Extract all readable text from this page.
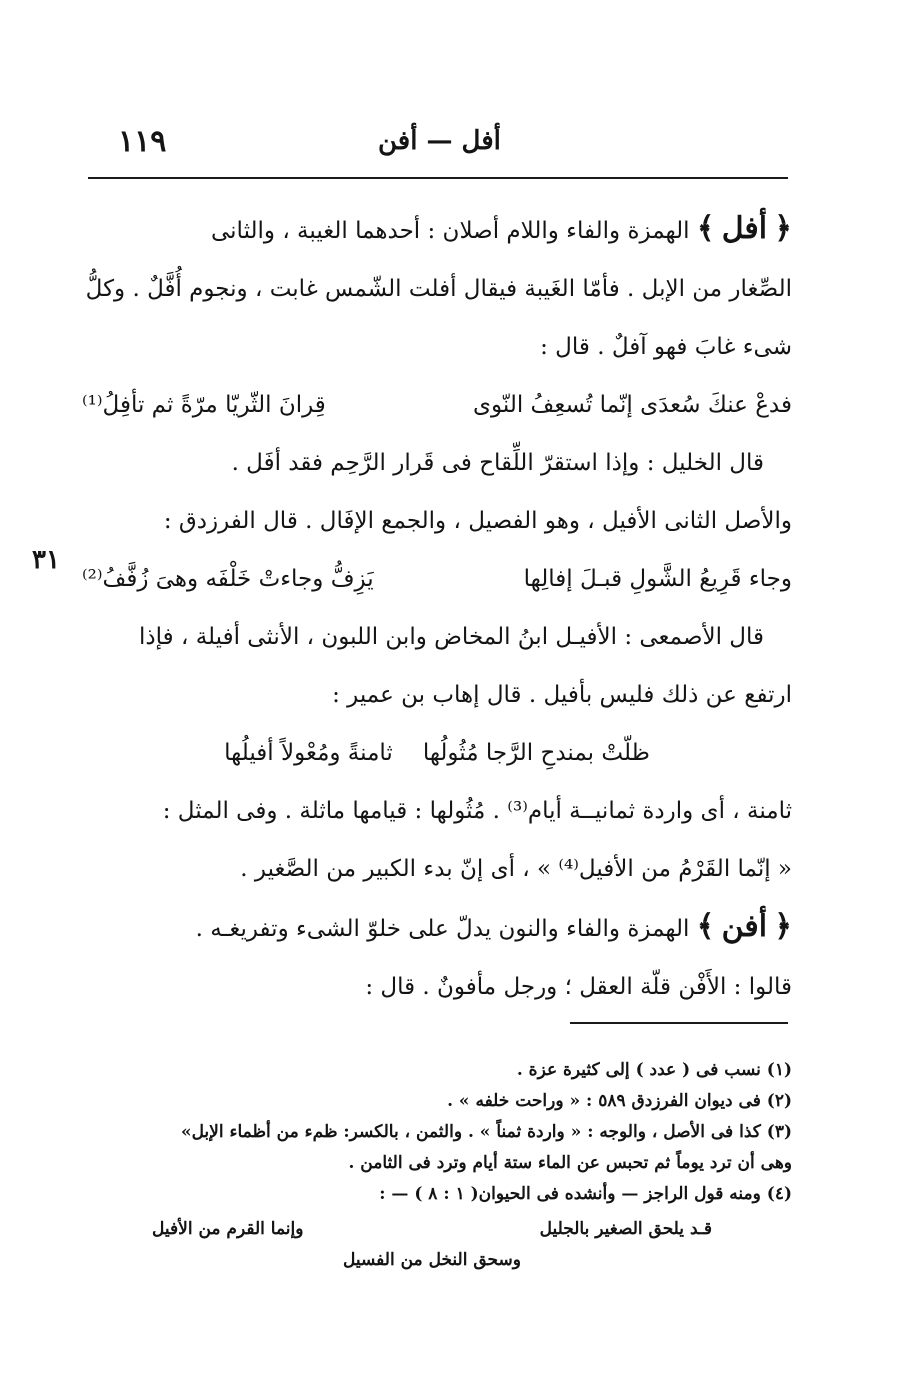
١١٩	أفل — أفن
٣١
﴿ أفل ﴾ الهمزة والفاء واللام أصلان : أحدهما الغيبة ، والثانى
الصِّغار من الإبل . فأمّا الغَيبة فيقال أفلت الشّمس غابت ، ونجوم أُفَّلٌ . وكلُّ
شىء غابَ فهو آفلٌ . قال :
فدعْ عنكَ سُعدَى إنّما تُسعِفُ النّوى
قِرانَ الثّريّا مرّةً ثم تأفِلُ⁽¹⁾
قال الخليل : وإذا استقرّ اللِّقاح فى قَرار الرَّحِم فقد أفَل .
والأصل الثانى الأفيل ، وهو الفصيل ، والجمع الإفَال . قال الفرزدق :
وجاء قَرِيعُ الشَّولِ قبـلَ إفالِها
يَزِفُّ وجاءتْ خَلْفَه وهىَ زُفَّفُ⁽²⁾
قال الأصمعى : الأفيـل ابنُ المخاض وابن اللبون ، الأنثى أفيلة ، فإذا
ارتفع عن ذلك فليس بأفيل . قال إهاب بن عمير :
ظلّتْ بمندحِ الرَّجا مُثُولُها
ثامنةً ومُعْولاً أفيلُها
ثامنة ، أى واردة ثمانيــة أيام⁽³⁾ . مُثُولها : قيامها ماثلة . وفى المثل :
« إنّما القَرْمُ من الأفيل⁽⁴⁾ » ، أى إنّ بدء الكبير من الصَّغير .
﴿ أفن ﴾ الهمزة والفاء والنون يدلّ على خلوّ الشىء وتفريغـه .
قالوا : الأَفْن قلّة العقل ؛ ورجل مأفونٌ . قال :
(١) نسب فى ( عدد ) إلى كثيرة عزة .
(٢) فى ديوان الفرزدق ٥٨٩ : « وراحت خلفه » .
(٣) كذا فى الأصل ، والوجه : « واردة ثمناً » . والثمن ، بالكسر: ظمء من أظماء الإبل»
وهى أن ترد يوماً ثم تحبس عن الماء ستة أيام وترد فى الثامن .
(٤) ومنه قول الراجز — وأنشده فى الحيوان( ١ : ٨ ) — :
قـد يلحق الصغير بالجليل
وإنما القرم من الأفيل
وسحق النخل من الفسيل
